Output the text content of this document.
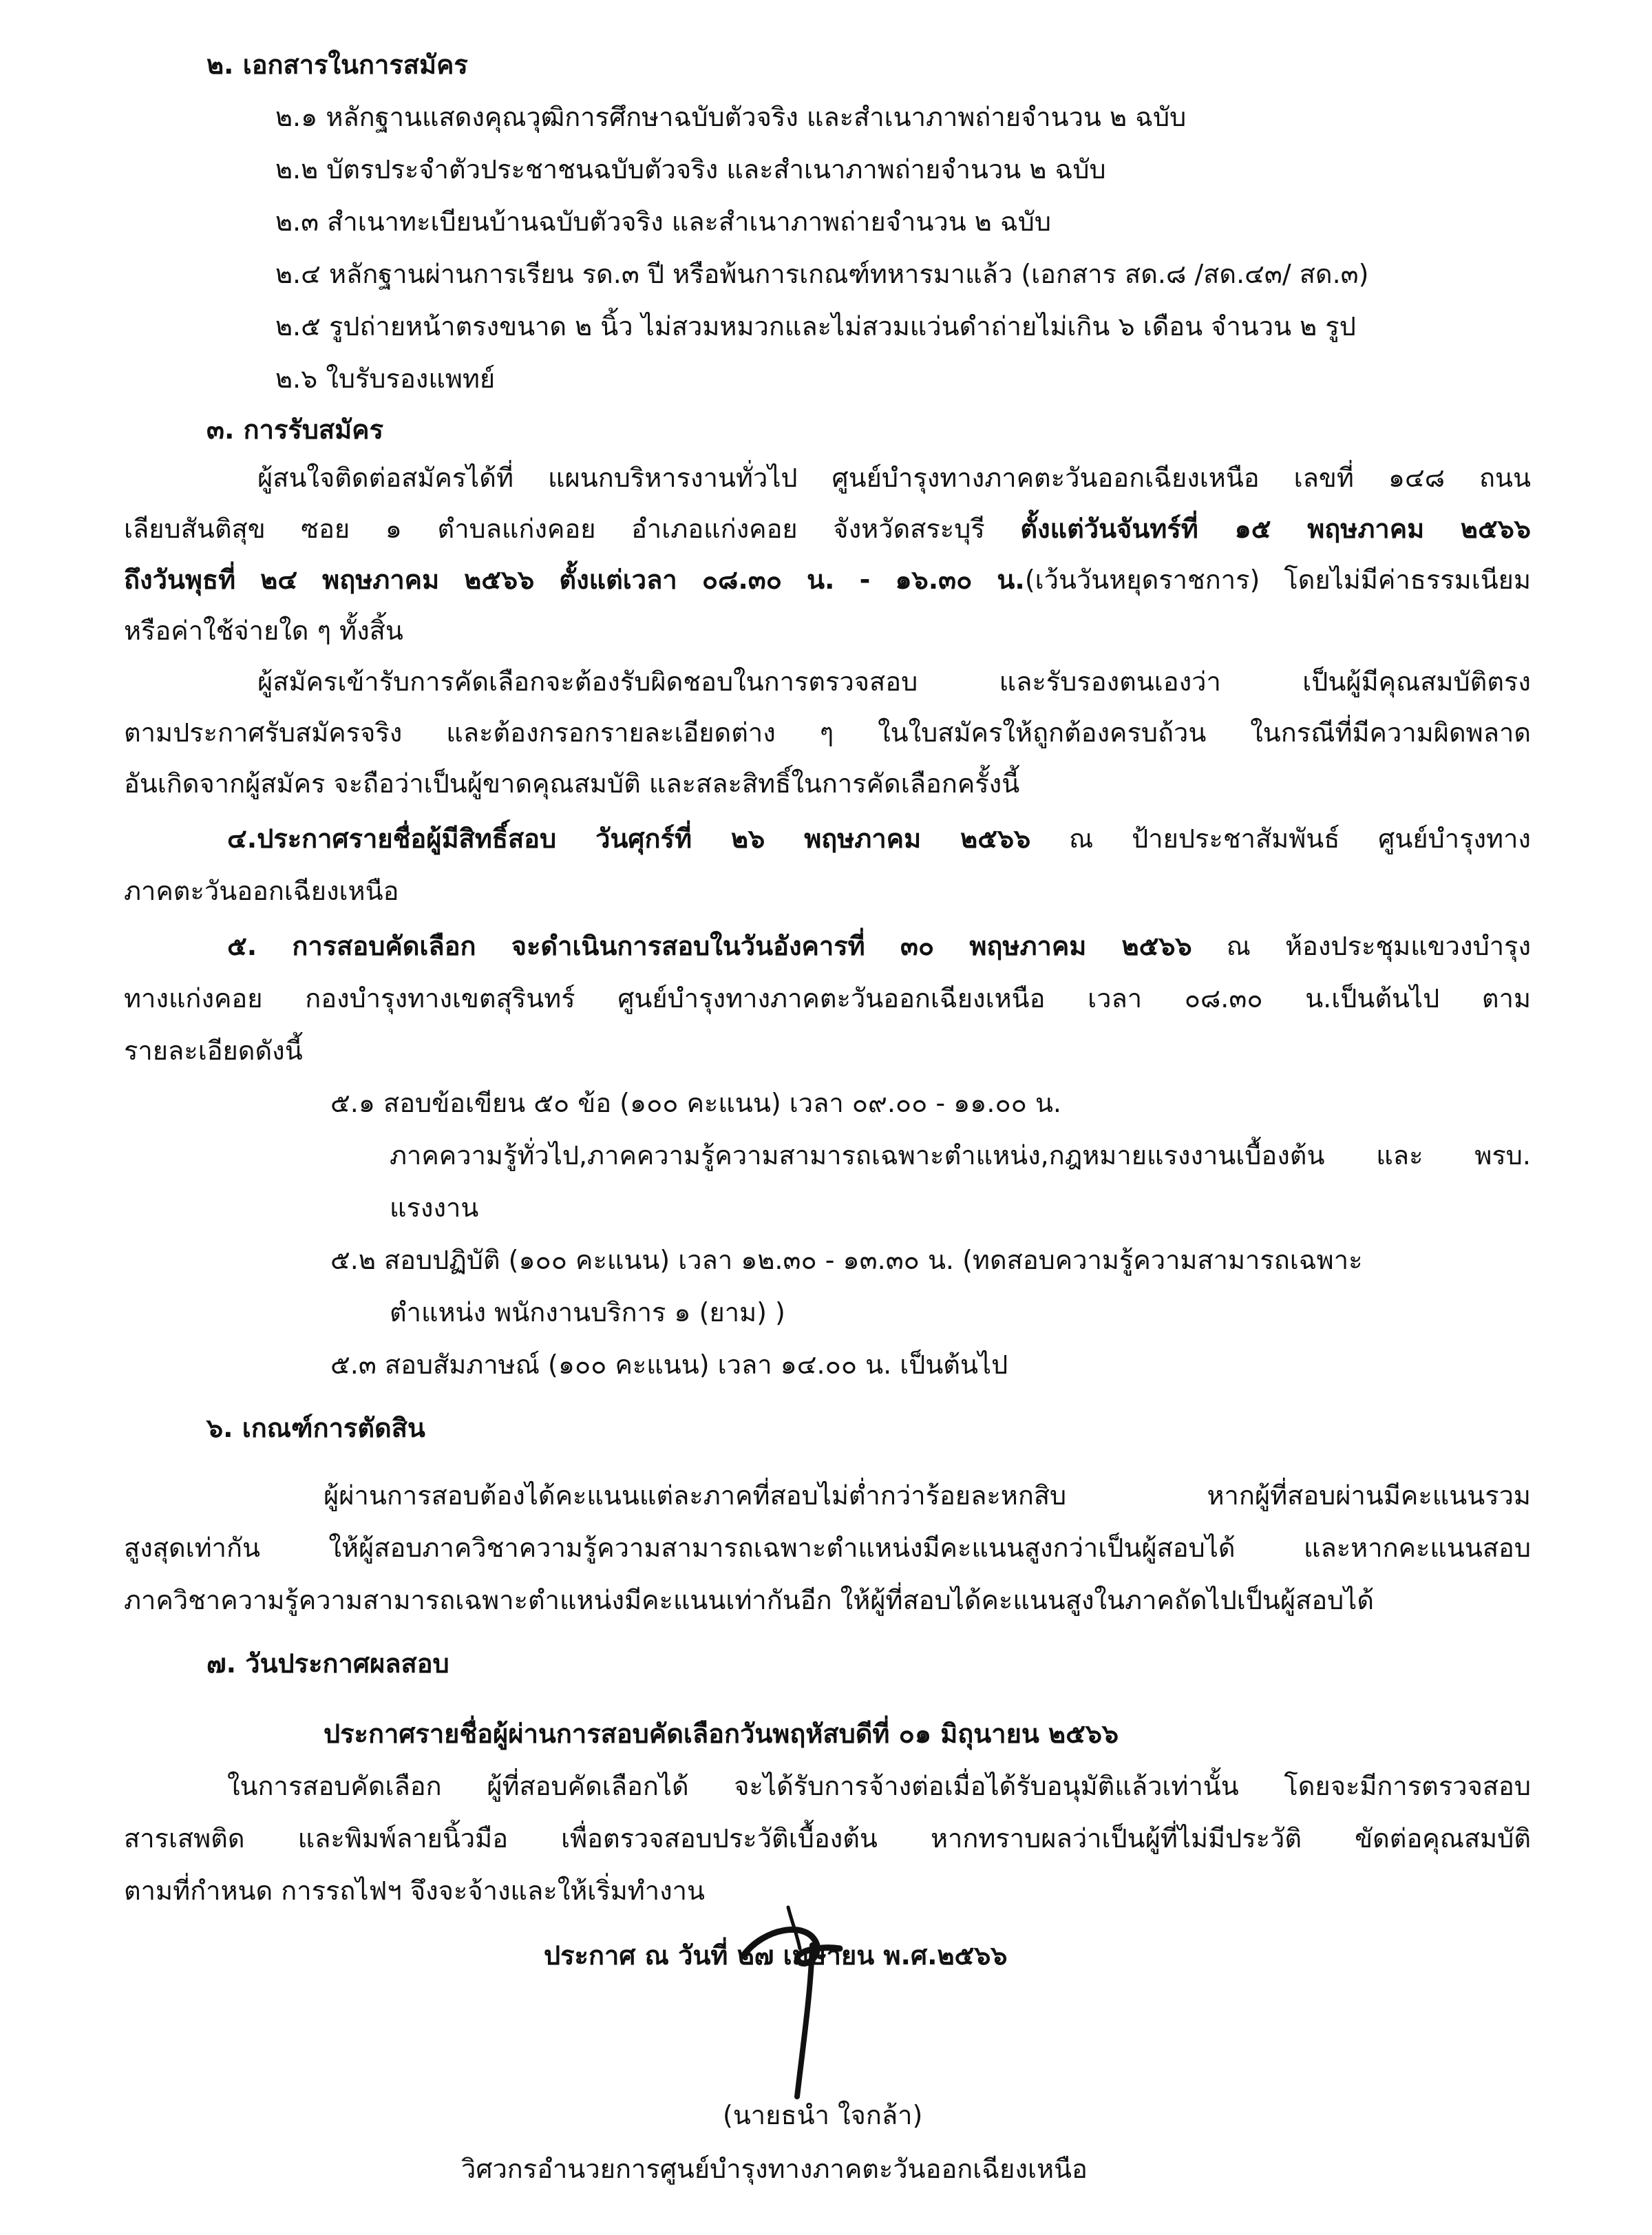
๒. เอกสารในการสมัคร
๒.๑ หลักฐานแสดงคุณวุฒิการศึกษาฉบับตัวจริง และสำเนาภาพถ่ายจำนวน ๒ ฉบับ
๒.๒ บัตรประจำตัวประชาชนฉบับตัวจริง และสำเนาภาพถ่ายจำนวน ๒ ฉบับ
๒.๓ สำเนาทะเบียนบ้านฉบับตัวจริง และสำเนาภาพถ่ายจำนวน ๒ ฉบับ
๒.๔ หลักฐานผ่านการเรียน รด.๓ ปี หรือพ้นการเกณฑ์ทหารมาแล้ว (เอกสาร สด.๘ /สด.๔๓/ สด.๓)
๒.๕ รูปถ่ายหน้าตรงขนาด ๒ นิ้ว ไม่สวมหมวกและไม่สวมแว่นดำถ่ายไม่เกิน ๖ เดือน จำนวน ๒ รูป
๒.๖ ใบรับรองแพทย์
๓. การรับสมัคร
ผู้สนใจติดต่อสมัครได้ที่ แผนกบริหารงานทั่วไป ศูนย์บำรุงทางภาคตะวันออกเฉียงเหนือ เลขที่ ๑๔๘ ถนน
เลียบสันติสุข ซอย ๑ ตำบลแก่งคอย อำเภอแก่งคอย จังหวัดสระบุรี ตั้งแต่วันจันทร์ที่ ๑๕ พฤษภาคม ๒๕๖๖
ถึงวันพุธที่ ๒๔ พฤษภาคม ๒๕๖๖ ตั้งแต่เวลา ๐๘.๓๐ น. - ๑๖.๓๐ น.(เว้นวันหยุดราชการ) โดยไม่มีค่าธรรมเนียม
หรือค่าใช้จ่ายใด ๆ ทั้งสิ้น
ผู้สมัครเข้ารับการคัดเลือกจะต้องรับผิดชอบในการตรวจสอบ และรับรองตนเองว่า เป็นผู้มีคุณสมบัติตรง
ตามประกาศรับสมัครจริง และต้องกรอกรายละเอียดต่าง ๆ ในใบสมัครให้ถูกต้องครบถ้วน ในกรณีที่มีความผิดพลาด
อันเกิดจากผู้สมัคร จะถือว่าเป็นผู้ขาดคุณสมบัติ และสละสิทธิ์ในการคัดเลือกครั้งนี้
๔.ประกาศรายชื่อผู้มีสิทธิ์สอบ วันศุกร์ที่ ๒๖ พฤษภาคม ๒๕๖๖ ณ ป้ายประชาสัมพันธ์ ศูนย์บำรุงทาง
ภาคตะวันออกเฉียงเหนือ
๕. การสอบคัดเลือก จะดำเนินการสอบในวันอังคารที่ ๓๐ พฤษภาคม ๒๕๖๖ ณ ห้องประชุมแขวงบำรุง
ทางแก่งคอย กองบำรุงทางเขตสุรินทร์ ศูนย์บำรุงทางภาคตะวันออกเฉียงเหนือ เวลา ๐๘.๓๐ น.เป็นต้นไป ตาม
รายละเอียดดังนี้
๕.๑ สอบข้อเขียน ๕๐ ข้อ (๑๐๐ คะแนน) เวลา ๐๙.๐๐ - ๑๑.๐๐ น.
ภาคความรู้ทั่วไป,ภาคความรู้ความสามารถเฉพาะตำแหน่ง,กฎหมายแรงงานเบื้องต้น และ พรบ.
แรงงาน
๕.๒ สอบปฏิบัติ (๑๐๐ คะแนน) เวลา ๑๒.๓๐ - ๑๓.๓๐ น. (ทดสอบความรู้ความสามารถเฉพาะ
ตำแหน่ง พนักงานบริการ ๑ (ยาม) )
๕.๓ สอบสัมภาษณ์ (๑๐๐ คะแนน) เวลา ๑๔.๐๐ น. เป็นต้นไป
๖. เกณฑ์การตัดสิน
ผู้ผ่านการสอบต้องได้คะแนนแต่ละภาคที่สอบไม่ต่ำกว่าร้อยละหกสิบ หากผู้ที่สอบผ่านมีคะแนนรวม
สูงสุดเท่ากัน ให้ผู้สอบภาควิชาความรู้ความสามารถเฉพาะตำแหน่งมีคะแนนสูงกว่าเป็นผู้สอบได้ และหากคะแนนสอบ
ภาควิชาความรู้ความสามารถเฉพาะตำแหน่งมีคะแนนเท่ากันอีก ให้ผู้ที่สอบได้คะแนนสูงในภาคถัดไปเป็นผู้สอบได้
๗. วันประกาศผลสอบ
ประกาศรายชื่อผู้ผ่านการสอบคัดเลือกวันพฤหัสบดีที่ ๐๑ มิถุนายน ๒๕๖๖
ในการสอบคัดเลือก ผู้ที่สอบคัดเลือกได้ จะได้รับการจ้างต่อเมื่อได้รับอนุมัติแล้วเท่านั้น โดยจะมีการตรวจสอบ
สารเสพติด และพิมพ์ลายนิ้วมือ เพื่อตรวจสอบประวัติเบื้องต้น หากทราบผลว่าเป็นผู้ที่ไม่มีประวัติ ขัดต่อคุณสมบัติ
ตามที่กำหนด การรถไฟฯ จึงจะจ้างและให้เริ่มทำงาน
ประกาศ ณ วันที่ ๒๗ เมษายน พ.ศ.๒๕๖๖
(นายธนำ ใจกล้า)
วิศวกรอำนวยการศูนย์บำรุงทางภาคตะวันออกเฉียงเหนือ
